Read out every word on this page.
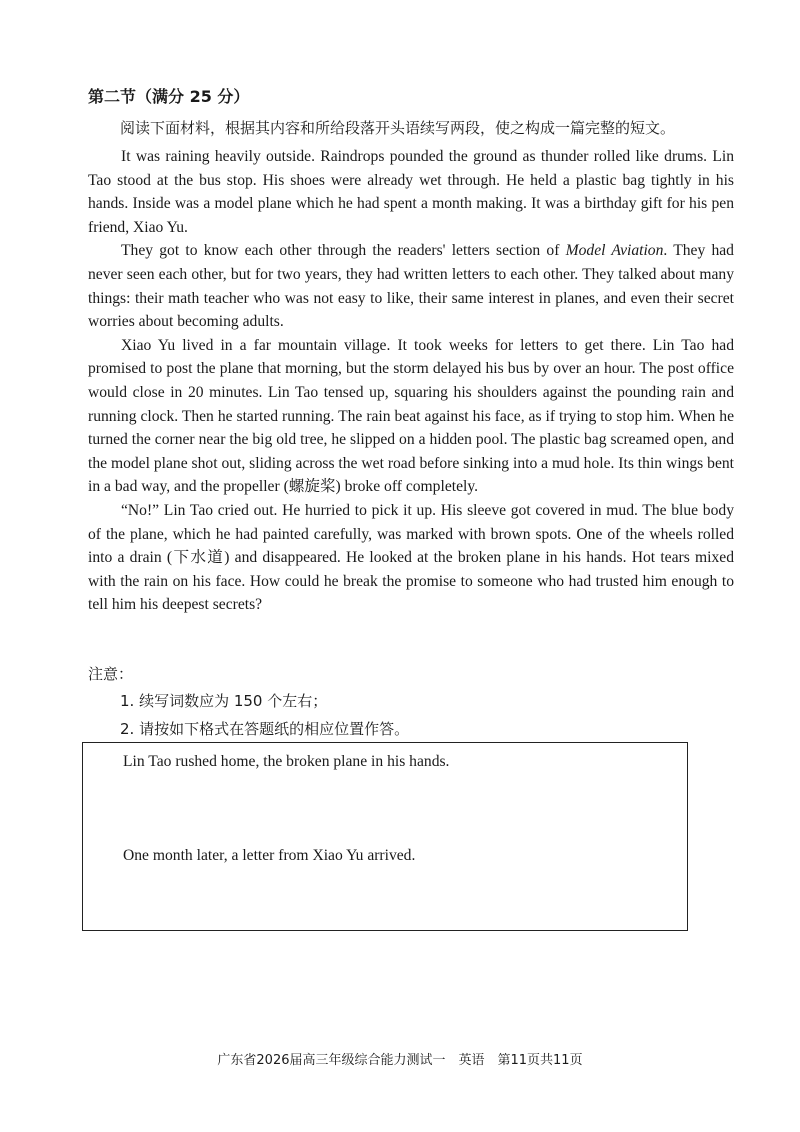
第二节（满分 25 分）

阅读下面材料，根据其内容和所给段落开头语续写两段，使之构成一篇完整的短文。

It was raining heavily outside. Raindrops pounded the ground as thunder rolled like drums. Lin Tao stood at the bus stop. His shoes were already wet through. He held a plastic bag tightly in his hands. Inside was a model plane which he had spent a month making. It was a birthday gift for his pen friend, Xiao Yu.

They got to know each other through the readers' letters section of Model Aviation. They had never seen each other, but for two years, they had written letters to each other. They talked about many things: their math teacher who was not easy to like, their same interest in planes, and even their secret worries about becoming adults.

Xiao Yu lived in a far mountain village. It took weeks for letters to get there. Lin Tao had promised to post the plane that morning, but the storm delayed his bus by over an hour. The post office would close in 20 minutes. Lin Tao tensed up, squaring his shoulders against the pounding rain and running clock. Then he started running. The rain beat against his face, as if trying to stop him. When he turned the corner near the big old tree, he slipped on a hidden pool. The plastic bag screamed open, and the model plane shot out, sliding across the wet road before sinking into a mud hole. Its thin wings bent in a bad way, and the propeller (螺旋桨) broke off completely.

“No!” Lin Tao cried out. He hurried to pick it up. His sleeve got covered in mud. The blue body of the plane, which he had painted carefully, was marked with brown spots. One of the wheels rolled into a drain (下水道) and disappeared. He looked at the broken plane in his hands. Hot tears mixed with the rain on his face. How could he break the promise to someone who had trusted him enough to tell him his deepest secrets?

注意：

1. 续写词数应为 150 个左右；

2. 请按如下格式在答题纸的相应位置作答。

Lin Tao rushed home, the broken plane in his hands.

One month later, a letter from Xiao Yu arrived.

广东省2026届高三年级综合能力测试一　英语　第11页共11页
